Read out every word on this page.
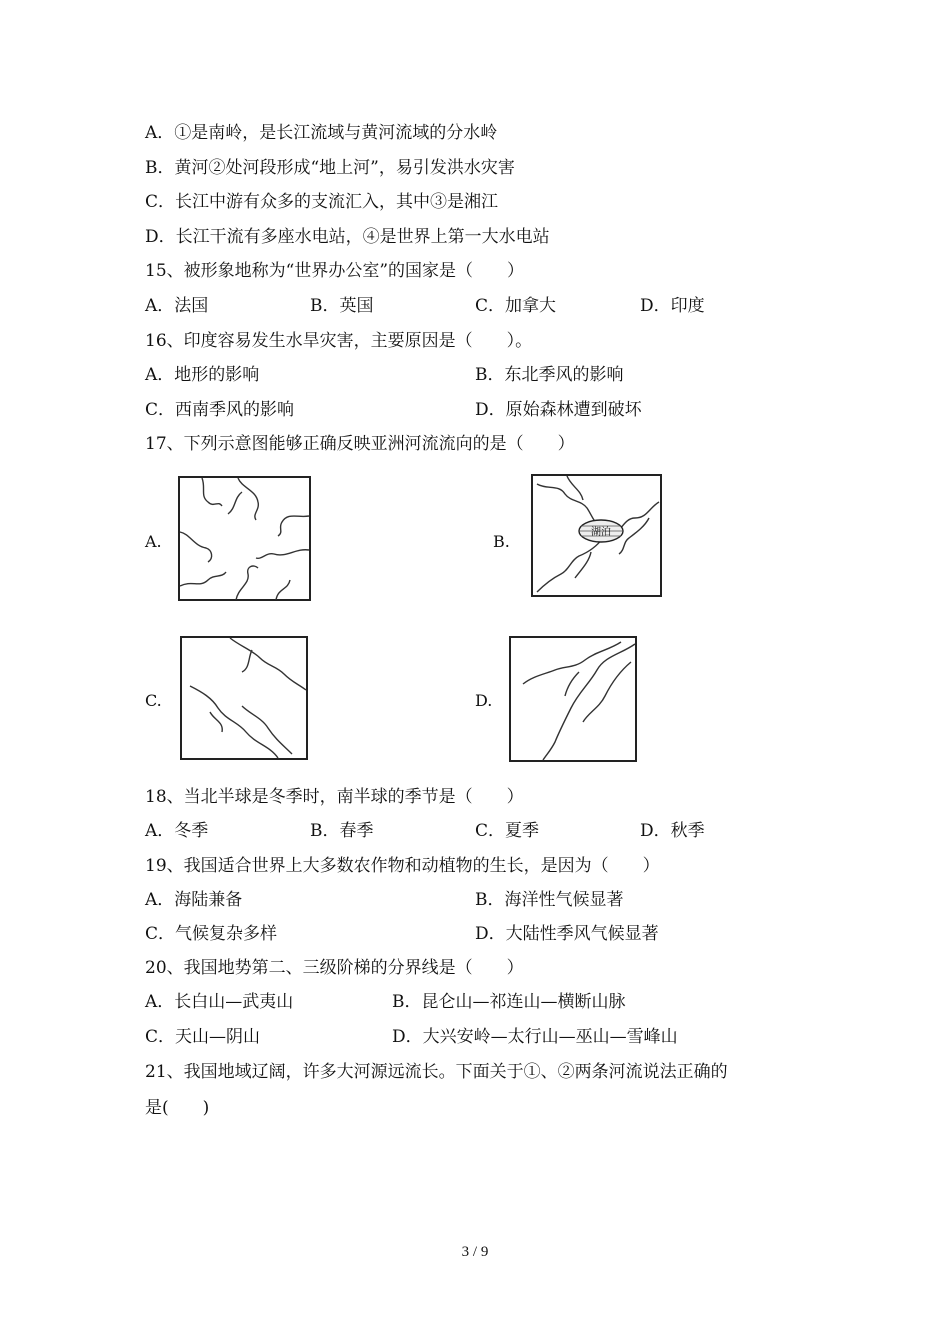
A．①是南岭，是长江流域与黄河流域的分水岭
B．黄河②处河段形成“地上河”，易引发洪水灾害
C．长江中游有众多的支流汇入，其中③是湘江
D．长江干流有多座水电站，④是世界上第一大水电站
15、被形象地称为“世界办公室”的国家是（　　）
A．法国	B．英国	C．加拿大	D．印度
16、印度容易发生水旱灾害，主要原因是（　　）。
A．地形的影响	B．东北季风的影响
C．西南季风的影响	D．原始森林遭到破坏
17、下列示意图能够正确反映亚洲河流流向的是（　　）
A.	B.	湖泊
C.	D.
18、当北半球是冬季时，南半球的季节是（　　）
A．冬季	B．春季	C．夏季	D．秋季
19、我国适合世界上大多数农作物和动植物的生长，是因为（　　）
A．海陆兼备	B．海洋性气候显著
C．气候复杂多样	D．大陆性季风气候显著
20、我国地势第二、三级阶梯的分界线是（　　）
A．长白山—武夷山	B．昆仑山—祁连山—横断山脉
C．天山—阴山	D．大兴安岭—太行山—巫山—雪峰山
21、我国地域辽阔，许多大河源远流长。下面关于①、②两条河流说法正确的
是(　　)
3 / 9
